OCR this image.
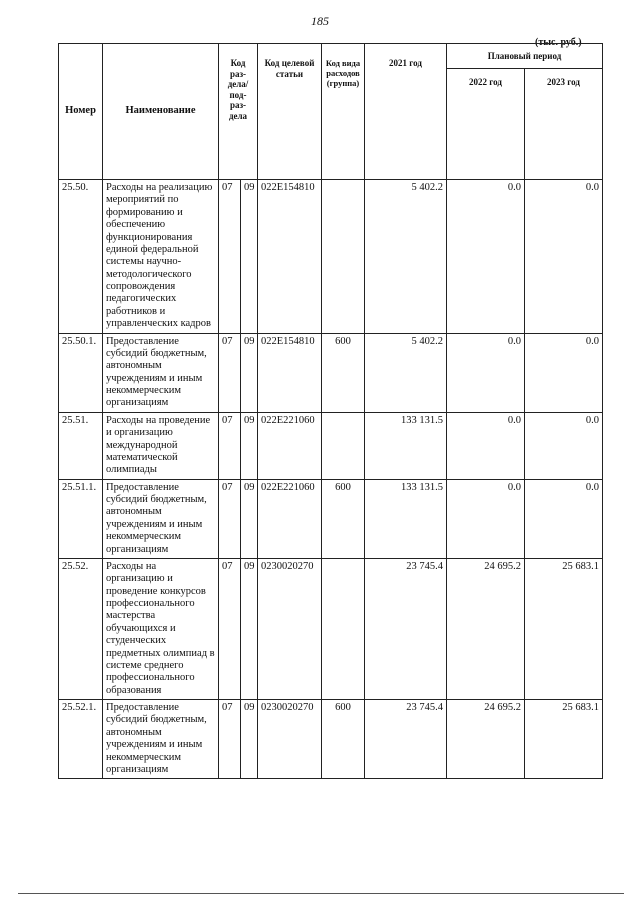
185
(тыс. руб.)
Номер	Наименование	Код раз-дела/ под-раз-дела		Код целевой статьи	Код вида расходов (группа)	2021 год	Плановый период	
							2022 год	2023 год
25.50.	Расходы на реализацию мероприятий по формированию и обеспечению функционирования единой федеральной системы научно-методологического сопровождения педагогических работников и управленческих кадров	07	09	022E154810		5 402.2	0.0	0.0
25.50.1.	Предоставление субсидий бюджетным, автономным учреждениям и иным некоммерческим организациям	07	09	022E154810	600	5 402.2	0.0	0.0
25.51.	Расходы на проведение и организацию международной математической олимпиады	07	09	022E221060		133 131.5	0.0	0.0
25.51.1.	Предоставление субсидий бюджетным, автономным учреждениям и иным некоммерческим организациям	07	09	022E221060	600	133 131.5	0.0	0.0
25.52.	Расходы на организацию и проведение конкурсов профессионального мастерства обучающихся и студенческих предметных олимпиад в системе среднего профессионального образования	07	09	0230020270		23 745.4	24 695.2	25 683.1
25.52.1.	Предоставление субсидий бюджетным, автономным учреждениям и иным некоммерческим организациям	07	09	0230020270	600	23 745.4	24 695.2	25 683.1
